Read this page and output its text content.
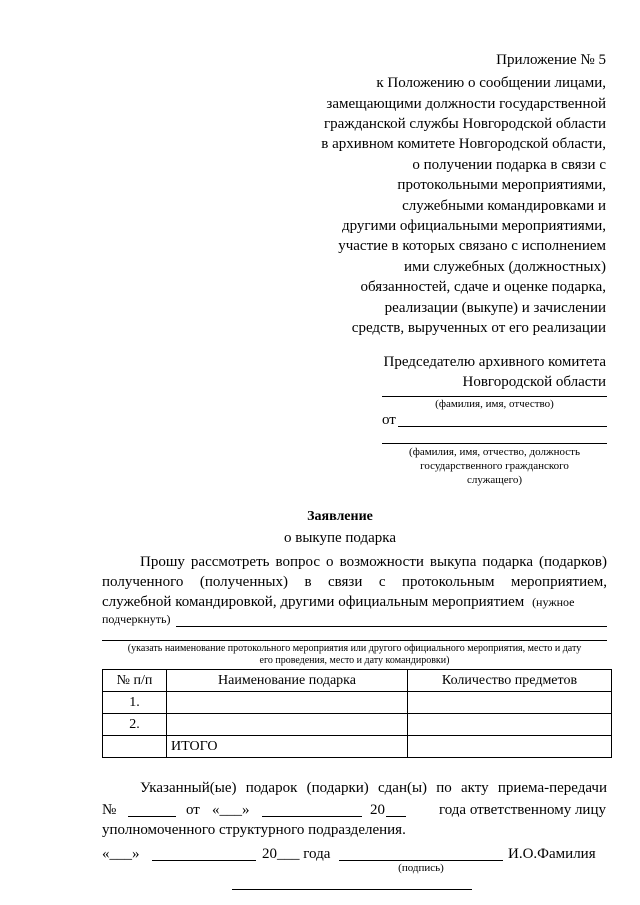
Приложение № 5
к Положению о сообщении лицами,
замещающими должности государственной
гражданской службы Новгородской области
в архивном комитете Новгородской области,
о получении подарка в связи с
протокольными мероприятиями,
служебными командировками и
другими официальными мероприятиями,
участие в которых связано с исполнением
ими служебных (должностных)
обязанностей, сдаче и оценке подарка,
реализации (выкупе) и зачислении
средств, вырученных от его реализации
Председателю архивного комитета
Новгородской области
(фамилия, имя, отчество)
от
(фамилия, имя, отчество, должность
государственного гражданского
служащего)
Заявление
о выкупе подарка
Прошу рассмотреть вопрос о возможности выкупа подарка (подарков)
полученного (полученных) в связи с протокольным мероприятием,
служебной командировкой, другими официальным мероприятием (нужное
подчеркнуть)
(указать наименование протокольного мероприятия или другого официального мероприятия, место и дату
его проведения, место и дату командировки)
№ п/п	Наименование подарка	Количество предметов
1.		
2.		
	ИТОГО	
Указанный(ые) подарок (подарки) сдан(ы) по акту приема-передачи
№	от «___»	20	года ответственному лицу
уполномоченного структурного подразделения.
«___»	20___ года	И.О.Фамилия
(подпись)
